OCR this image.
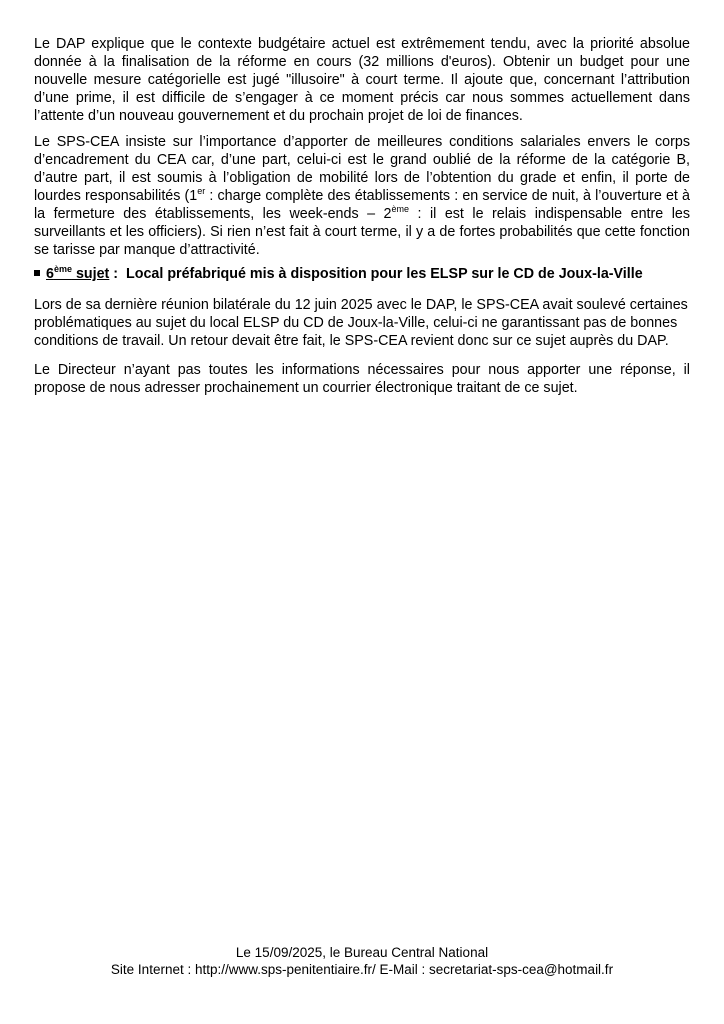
Le DAP explique que le contexte budgétaire actuel est extrêmement tendu, avec la priorité absolue donnée à la finalisation de la réforme en cours (32 millions d'euros). Obtenir un budget pour une nouvelle mesure catégorielle est jugé "illusoire" à court terme. Il ajoute que, concernant l’attribution d’une prime, il est difficile de s’engager à ce moment précis car nous sommes actuellement dans l’attente d’un nouveau gouvernement et du prochain projet de loi de finances.

Le SPS-CEA insiste sur l’importance d’apporter de meilleures conditions salariales envers le corps d’encadrement du CEA car, d’une part, celui-ci est le grand oublié de la réforme de la catégorie B, d’autre part, il est soumis à l’obligation de mobilité lors de l’obtention du grade et enfin, il porte de lourdes responsabilités (1er : charge complète des établissements : en service de nuit, à l’ouverture et à la fermeture des établissements, les week-ends – 2ème : il est le relais indispensable entre les surveillants et les officiers). Si rien n’est fait à court terme, il y a de fortes probabilités que cette fonction se tarisse par manque d’attractivité.

6ème sujet :  Local préfabriqué mis à disposition pour les ELSP sur le CD de Joux-la-Ville

Lors de sa dernière réunion bilatérale du 12 juin 2025 avec le DAP, le SPS-CEA avait soulevé certaines problématiques au sujet du local ELSP du CD de Joux-la-Ville, celui-ci ne garantissant pas de bonnes conditions de travail. Un retour devait être fait, le SPS-CEA revient donc sur ce sujet auprès du DAP.

Le Directeur n’ayant pas toutes les informations nécessaires pour nous apporter une réponse, il propose de nous adresser prochainement un courrier électronique traitant de ce sujet.

Le 15/09/2025, le Bureau Central National
Site Internet : http://www.sps-penitentiaire.fr/ E-Mail : secretariat-sps-cea@hotmail.fr
